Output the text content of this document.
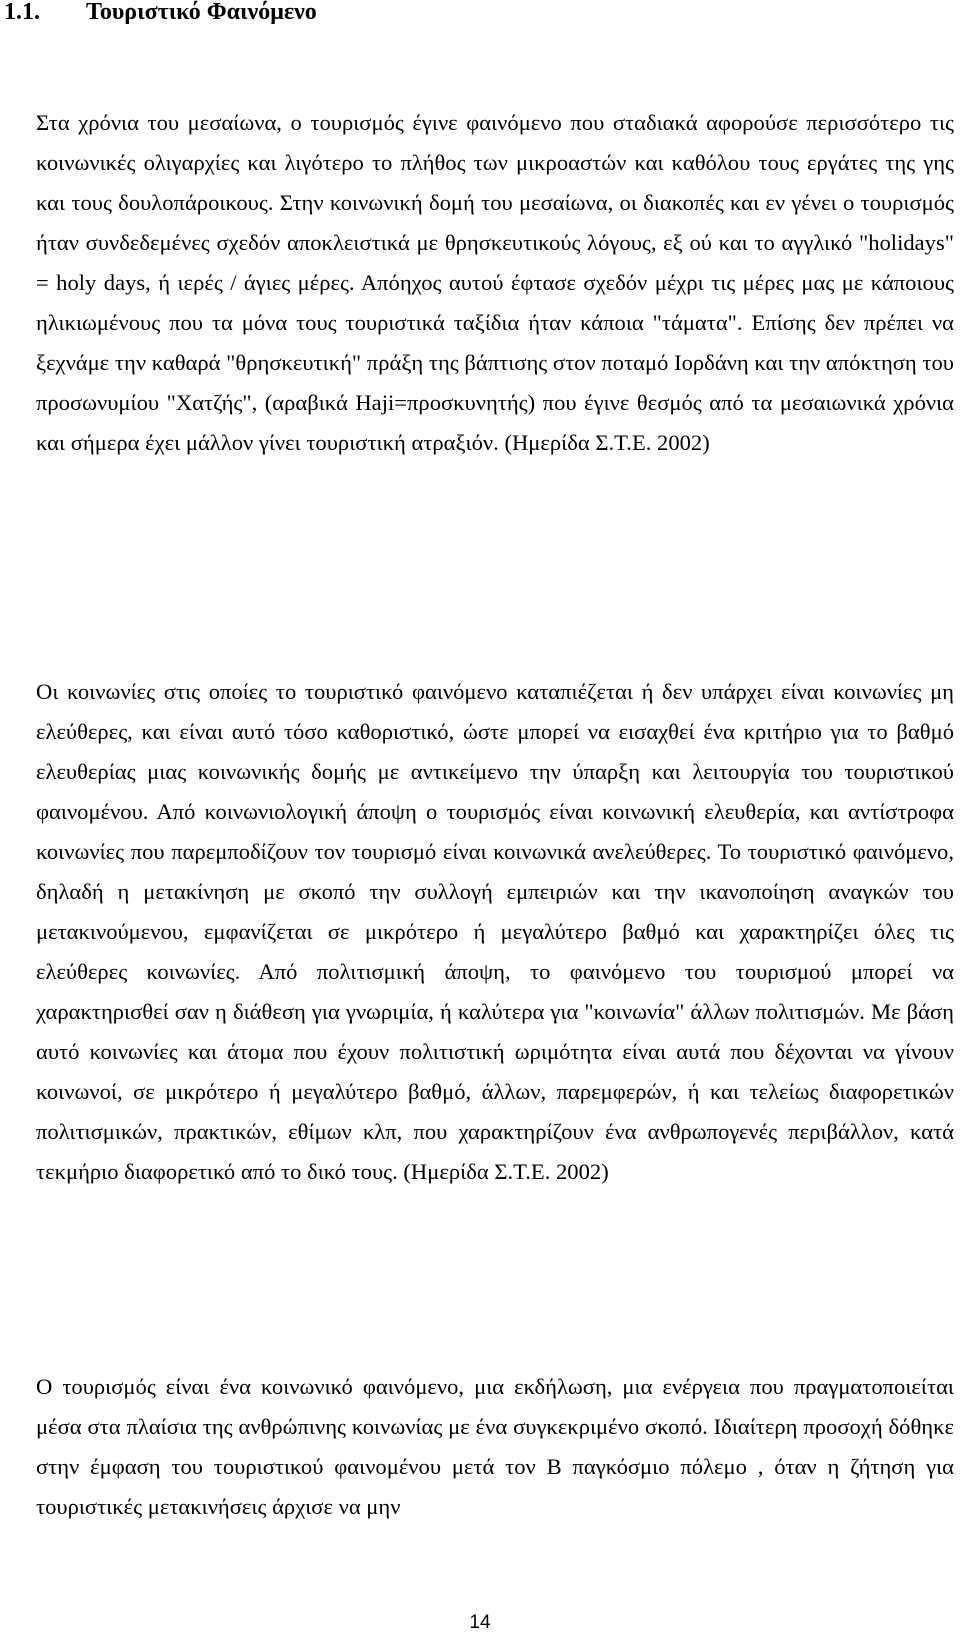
1.1. Τουριστικό Φαινόμενο

Στα χρόνια του μεσαίωνα, ο τουρισμός έγινε φαινόμενο που σταδιακά αφορούσε περισσότερο τις κοινωνικές ολιγαρχίες και λιγότερο το πλήθος των μικροαστών και καθόλου τους εργάτες της γης και τους δουλοπάροικους. Στην κοινωνική δομή του μεσαίωνα, οι διακοπές και εν γένει ο τουρισμός ήταν συνδεδεμένες σχεδόν αποκλειστικά με θρησκευτικούς λόγους, εξ ού και το αγγλικό "holidays" = holy days, ή ιερές / άγιες μέρες. Απόηχος αυτού έφτασε σχεδόν μέχρι τις μέρες μας με κάποιους ηλικιωμένους που τα μόνα τους τουριστικά ταξίδια ήταν κάποια "τάματα". Επίσης δεν πρέπει να ξεχνάμε την καθαρά "θρησκευτική" πράξη της βάπτισης στον ποταμό Ιορδάνη και την απόκτηση του προσωνυμίου "Χατζής", (αραβικά Haji=προσκυνητής) που έγινε θεσμός από τα μεσαιωνικά χρόνια και σήμερα έχει μάλλον γίνει τουριστική ατραξιόν. (Ημερίδα Σ.Τ.Ε. 2002)

Οι κοινωνίες στις οποίες το τουριστικό φαινόμενο καταπιέζεται ή δεν υπάρχει είναι κοινωνίες μη ελεύθερες, και είναι αυτό τόσο καθοριστικό, ώστε μπορεί να εισαχθεί ένα κριτήριο για το βαθμό ελευθερίας μιας κοινωνικής δομής με αντικείμενο την ύπαρξη και λειτουργία του τουριστικού φαινομένου. Από κοινωνιολογική άποψη ο τουρισμός είναι κοινωνική ελευθερία, και αντίστροφα κοινωνίες που παρεμποδίζουν τον τουρισμό είναι κοινωνικά ανελεύθερες. Το τουριστικό φαινόμενο, δηλαδή η μετακίνηση με σκοπό την συλλογή εμπειριών και την ικανοποίηση αναγκών του μετακινούμενου, εμφανίζεται σε μικρότερο ή μεγαλύτερο βαθμό και χαρακτηρίζει όλες τις ελεύθερες κοινωνίες. Από πολιτισμική άποψη, το φαινόμενο του τουρισμού μπορεί να χαρακτηρισθεί σαν η διάθεση για γνωριμία, ή καλύτερα για "κοινωνία" άλλων πολιτισμών. Με βάση αυτό κοινωνίες και άτομα που έχουν πολιτιστική ωριμότητα είναι αυτά που δέχονται να γίνουν κοινωνοί, σε μικρότερο ή μεγαλύτερο βαθμό, άλλων, παρεμφερών, ή και τελείως διαφορετικών πολιτισμικών, πρακτικών, εθίμων κλπ, που χαρακτηρίζουν ένα ανθρωπογενές περιβάλλον, κατά τεκμήριο διαφορετικό από το δικό τους. (Ημερίδα Σ.Τ.Ε. 2002)

Ο τουρισμός είναι ένα κοινωνικό φαινόμενο, μια εκδήλωση, μια ενέργεια που πραγματοποιείται μέσα στα πλαίσια της ανθρώπινης κοινωνίας με ένα συγκεκριμένο σκοπό. Ιδιαίτερη προσοχή δόθηκε στην έμφαση του τουριστικού φαινομένου μετά τον Β παγκόσμιο πόλεμο , όταν η ζήτηση για τουριστικές μετακινήσεις άρχισε να μην

14
